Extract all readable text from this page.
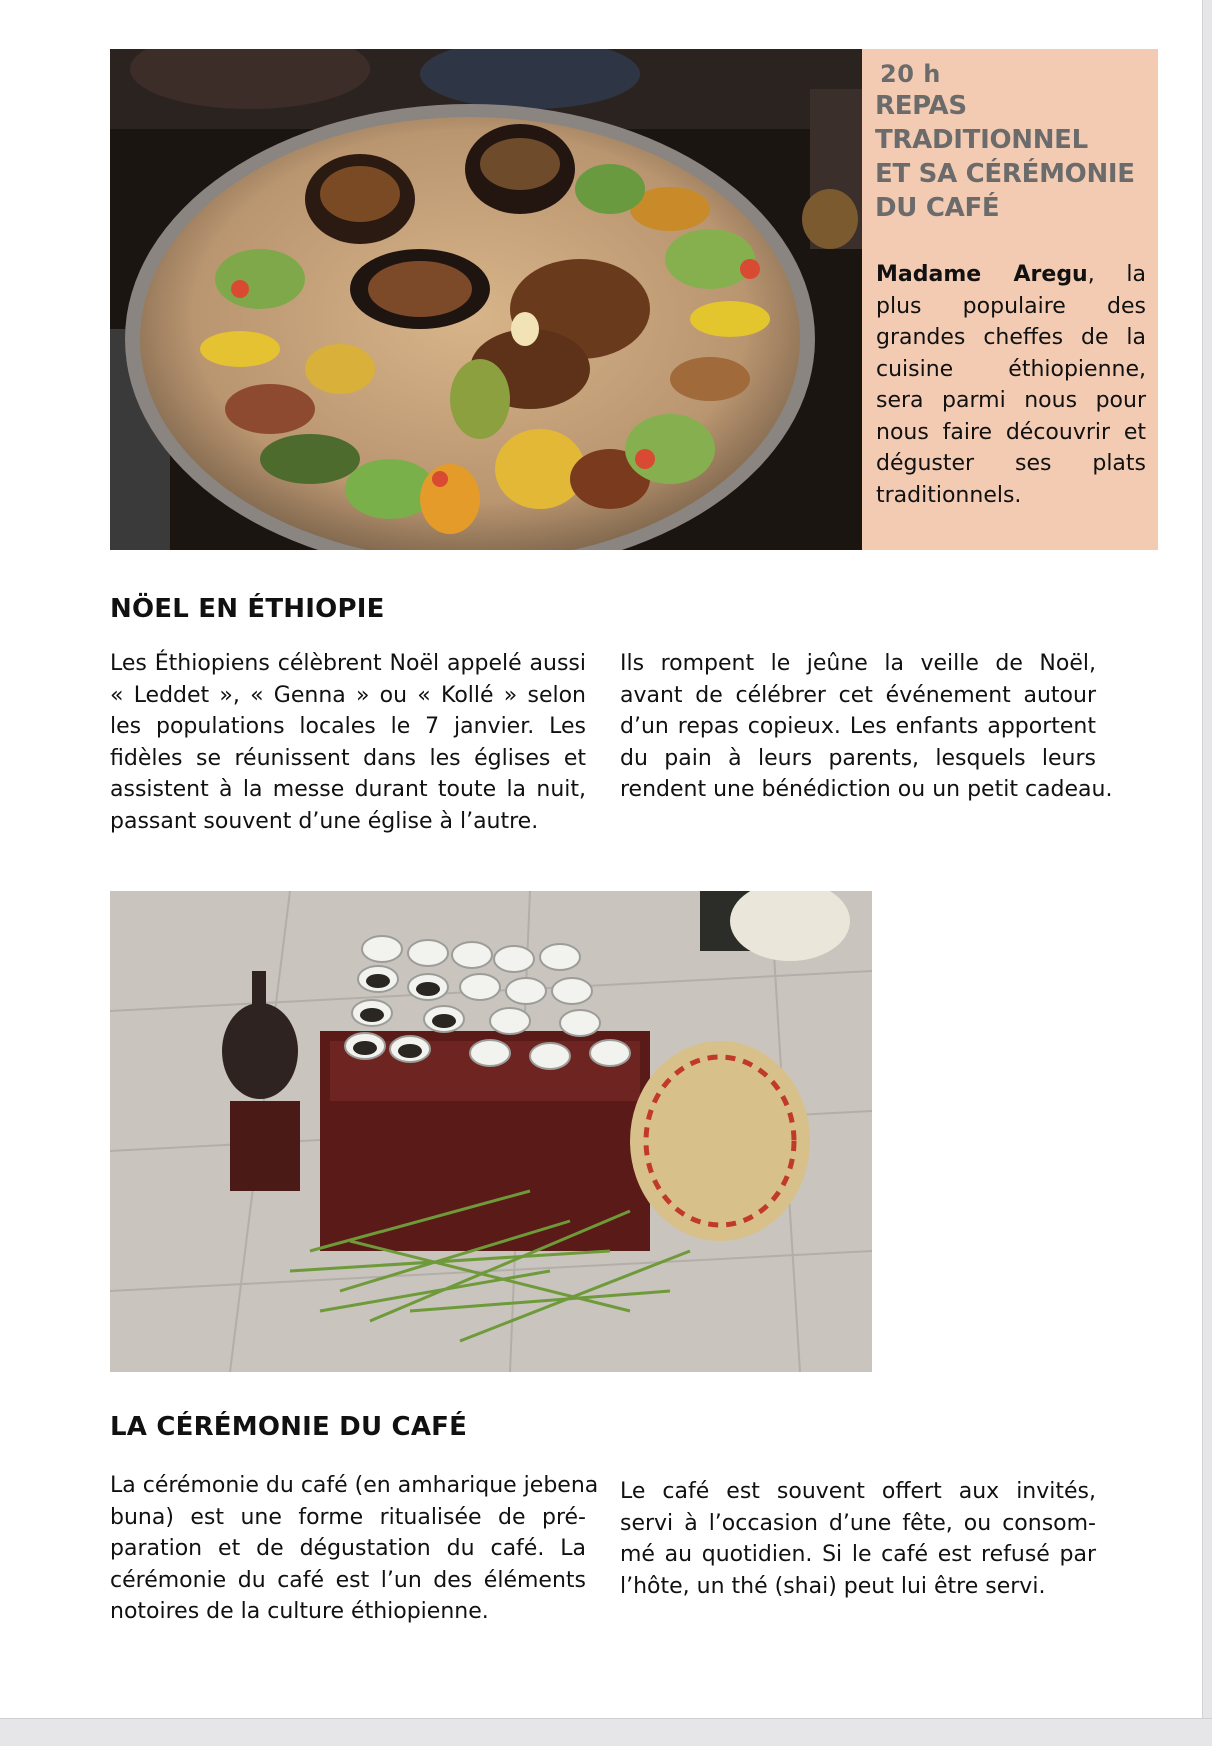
20 h
REPAS TRADITIONNEL
ET SA CÉRÉMONIE
DU CAFÉ
Madame Aregu, la plus populaire des grandes cheffes de la cuisine éthiopienne, sera parmi nous pour nous faire découvrir et déguster ses plats traditionnels.
NÖEL EN ÉTHIOPIE
Les Éthiopiens célèbrent Noël appelé aussi
« Leddet », « Genna » ou « Kollé » selon
les populations locales le 7 janvier. Les
fidèles se réunissent dans les églises et
assistent à la messe durant toute la nuit,
passant souvent d’une église à l’autre.
Ils rompent le jeûne la veille de Noël,
avant de célébrer cet événement autour
d’un repas copieux. Les enfants apportent
du pain à leurs parents, lesquels leurs
rendent une bénédiction ou un petit cadeau.
LA CÉRÉMONIE DU CAFÉ
La cérémonie du café (en amharique jebena
buna) est une forme ritualisée de pré-
paration et de dégustation du café. La
cérémonie du café est l’un des éléments
notoires de la culture éthiopienne.
Le café est souvent offert aux invités,
servi à l’occasion d’une fête, ou consom-
mé au quotidien. Si le café est refusé par
l’hôte, un thé (shai) peut lui être servi.
